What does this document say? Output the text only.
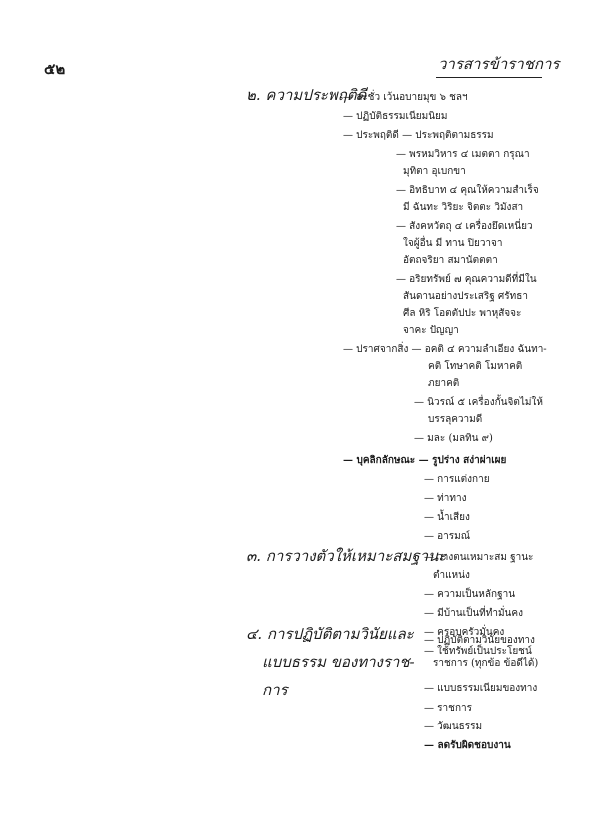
๕๒	วารสารข้าราชการ
๒. ความประพฤติดี
— ละชั่ว เว้นอบายมุข ๖ ชลฯ
— ปฏิบัติธรรมเนียมนิยม
— ประพฤติดี — ประพฤติตามธรรม
— พรหมวิหาร ๔ เมตตา กรุณา
มุทิตา อุเบกขา
— อิทธิบาท ๔ คุณให้ความสำเร็จ
มี ฉันทะ วิริยะ จิตตะ วิมังสา
— สังคหวัตถุ ๔ เครื่องยึดเหนี่ยว
ใจผู้อื่น มี ทาน ปิยวาจา
อัตถจริยา สมานัตตตา
— อริยทรัพย์ ๗ คุณความดีที่มีใน
สันดานอย่างประเสริฐ ศรัทธา
ศีล หิริ โอตตัปปะ พาหุสัจจะ
จาคะ ปัญญา
— ปราศจากสิ่ง — อคติ ๔ ความลำเอียง ฉันทา-
คติ โทษาคติ โมหาคติ
ภยาคติ
— นิวรณ์ ๕ เครื่องกั้นจิตไม่ให้
บรรลุความดี
— มละ (มลทิน ๙)
— บุคลิกลักษณะ — รูปร่าง สง่าผ่าเผย
— การแต่งกาย
— ท่าทาง
— น้ำเสียง
— อารมณ์
๓. การวางตัวให้เหมาะสมฐานะ
— วางตนเหมาะสม ฐานะ
ตำแหน่ง
— ความเป็นหลักฐาน
— มีบ้านเป็นที่ทำมั่นคง
— ครอบครัวมั่นคง
— ใช้ทรัพย์เป็นประโยชน์
๔. การปฏิบัติตามวินัยและ
แบบธรรม ของทางราช-
การ
— ปฏิบัติตามวินัยของทาง
ราชการ (ทุกข้อ ข้อดีได้)
— แบบธรรมเนียมของทาง
— ราชการ
— วัฒนธรรม
— ลดรับผิดชอบงาน
